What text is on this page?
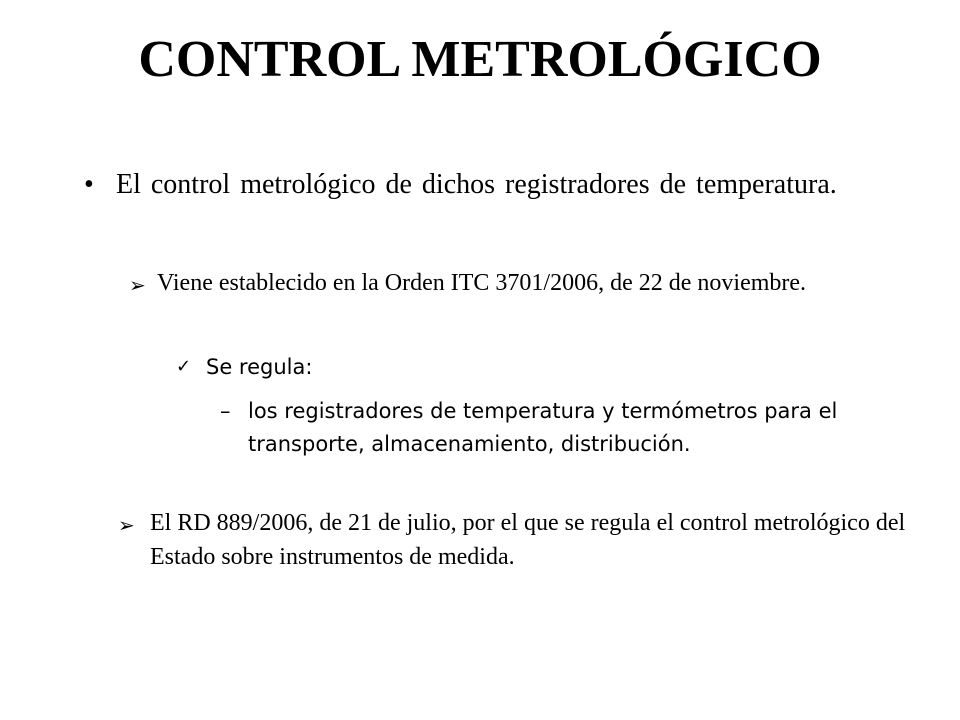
CONTROL METROLÓGICO
• El control metrológico de dichos registradores de temperatura.
➢ Viene establecido en la Orden ITC 3701/2006, de 22 de noviembre.
✓ Se regula:
– los registradores de temperatura y termómetros para el transporte, almacenamiento, distribución.
➢ El RD 889/2006, de 21 de julio, por el que se regula el control metrológico del Estado sobre instrumentos de medida.
